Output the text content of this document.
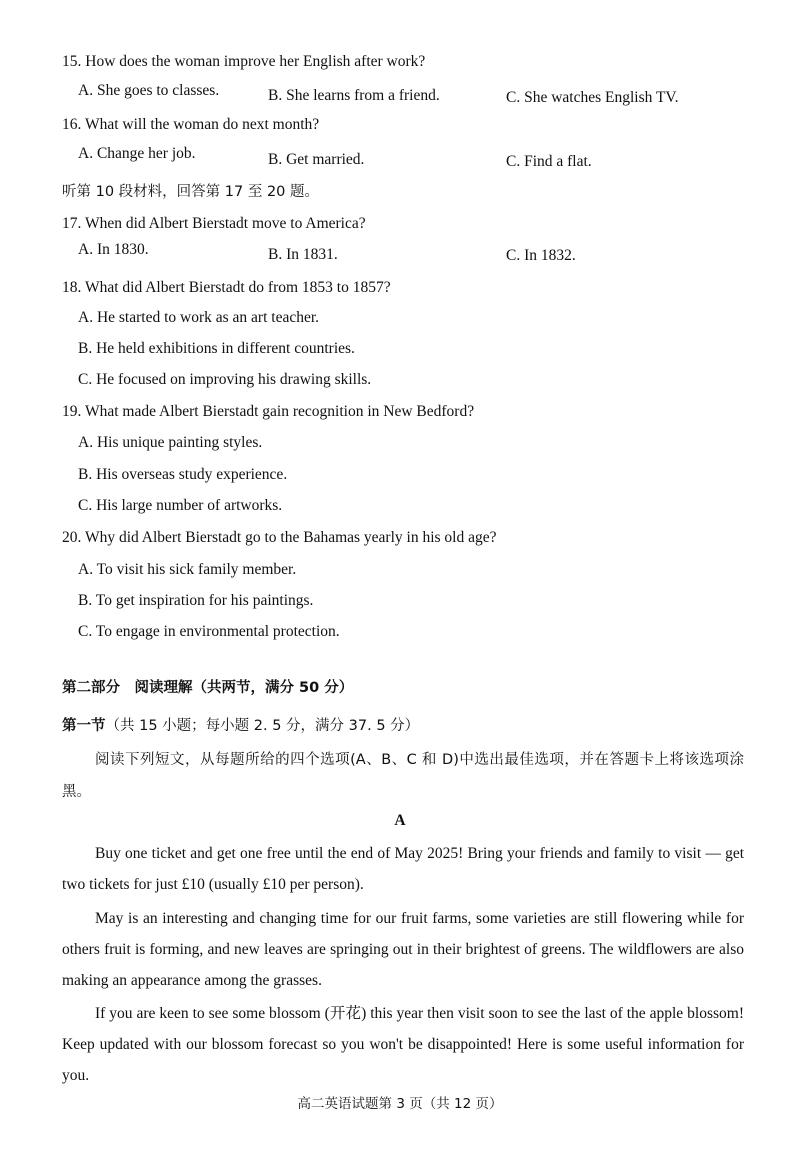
15. How does the woman improve her English after work?
A. She goes to classes.	B. She learns from a friend.	C. She watches English TV.
16. What will the woman do next month?
A. Change her job.	B. Get married.	C. Find a flat.
听第 10 段材料，回答第 17 至 20 题。
17. When did Albert Bierstadt move to America?
A. In 1830.	B. In 1831.	C. In 1832.
18. What did Albert Bierstadt do from 1853 to 1857?
A. He started to work as an art teacher.
B. He held exhibitions in different countries.
C. He focused on improving his drawing skills.
19. What made Albert Bierstadt gain recognition in New Bedford?
A. His unique painting styles.
B. His overseas study experience.
C. His large number of artworks.
20. Why did Albert Bierstadt go to the Bahamas yearly in his old age?
A. To visit his sick family member.
B. To get inspiration for his paintings.
C. To engage in environmental protection.
第二部分　阅读理解（共两节，满分 50 分）
第一节（共 15 小题；每小题 2. 5 分，满分 37. 5 分）
阅读下列短文，从每题所给的四个选项(A、B、C 和 D)中选出最佳选项，并在答题卡上将该选项涂黑。
A
Buy one ticket and get one free until the end of May 2025! Bring your friends and family to visit — get two tickets for just £10 (usually £10 per person).
May is an interesting and changing time for our fruit farms, some varieties are still flowering while for others fruit is forming, and new leaves are springing out in their brightest of greens. The wildflowers are also making an appearance among the grasses.
If you are keen to see some blossom (开花) this year then visit soon to see the last of the apple blossom! Keep updated with our blossom forecast so you won't be disappointed! Here is some useful information for you.
高二英语试题第 3 页（共 12 页）
